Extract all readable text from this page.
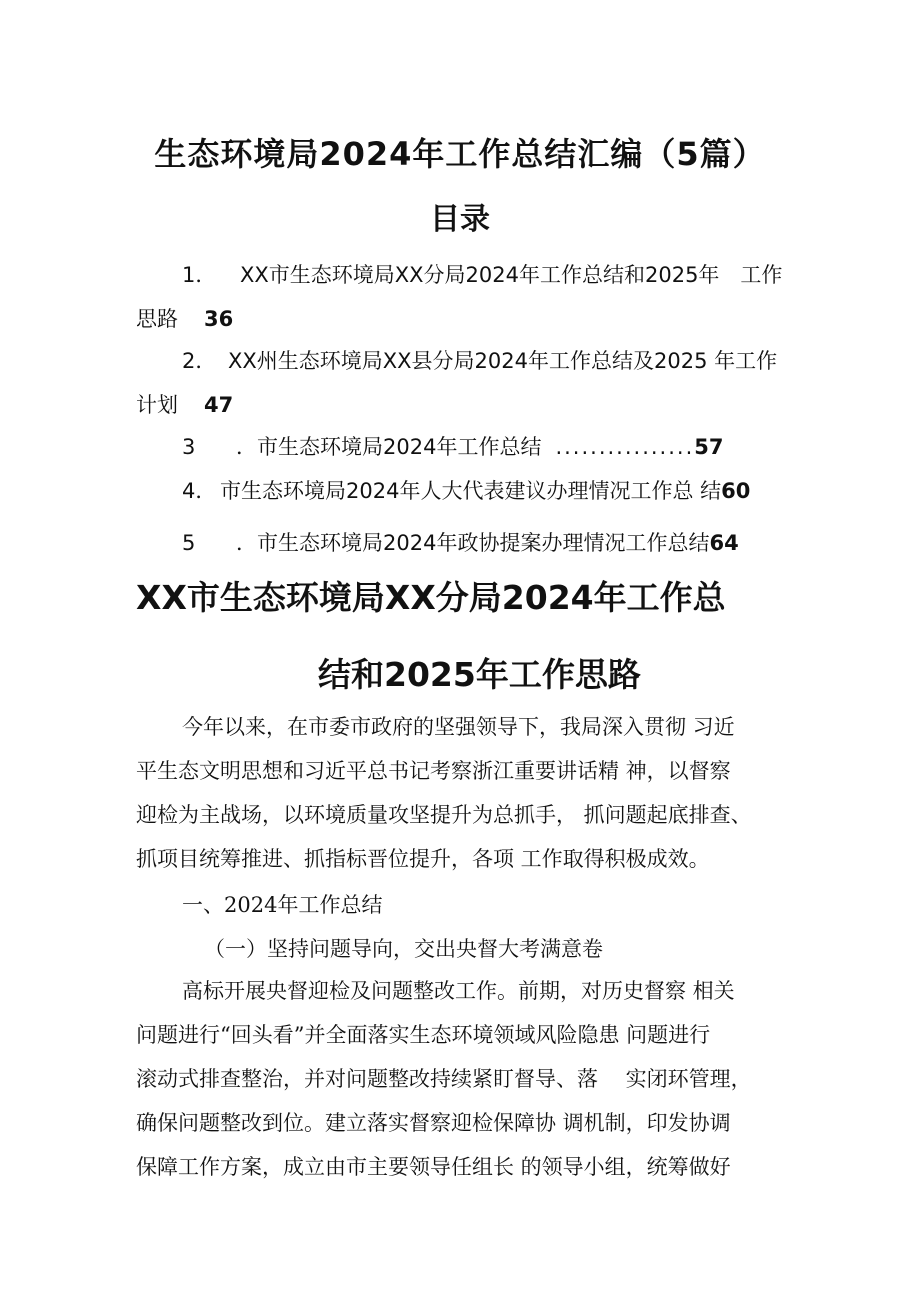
生态环境局2024年工作总结汇编（5篇）
目录
1． XX市生态环境局XX分局2024年工作总结和2025年　工作
思路 36
2． XX州生态环境局XX县分局2024年工作总结及2025 年工作
计划 47
3 ．市生态环境局2024年工作总结 ................57
4． 市生态环境局2024年人大代表建议办理情况工作总 结60
5 ．市生态环境局2024年政协提案办理情况工作总结64
XX市生态环境局XX分局2024年工作总
结和2025年工作思路
今年以来，在市委市政府的坚强领导下，我局深入贯彻 习近
平生态文明思想和习近平总书记考察浙江重要讲话精 神，以督察
迎检为主战场，以环境质量攻坚提升为总抓手， 抓问题起底排查、
抓项目统筹推进、抓指标晋位提升，各项 工作取得积极成效。
一、2024年工作总结
（一）坚持问题导向，交出央督大考满意卷
高标开展央督迎检及问题整改工作。前期，对历史督察 相关
问题进行“回头看”并全面落实生态环境领域风险隐患 问题进行
滚动式排查整治，并对问题整改持续紧盯督导、落　 实闭环管理，
确保问题整改到位。建立落实督察迎检保障协 调机制，印发协调
保障工作方案，成立由市主要领导任组长 的领导小组，统筹做好
